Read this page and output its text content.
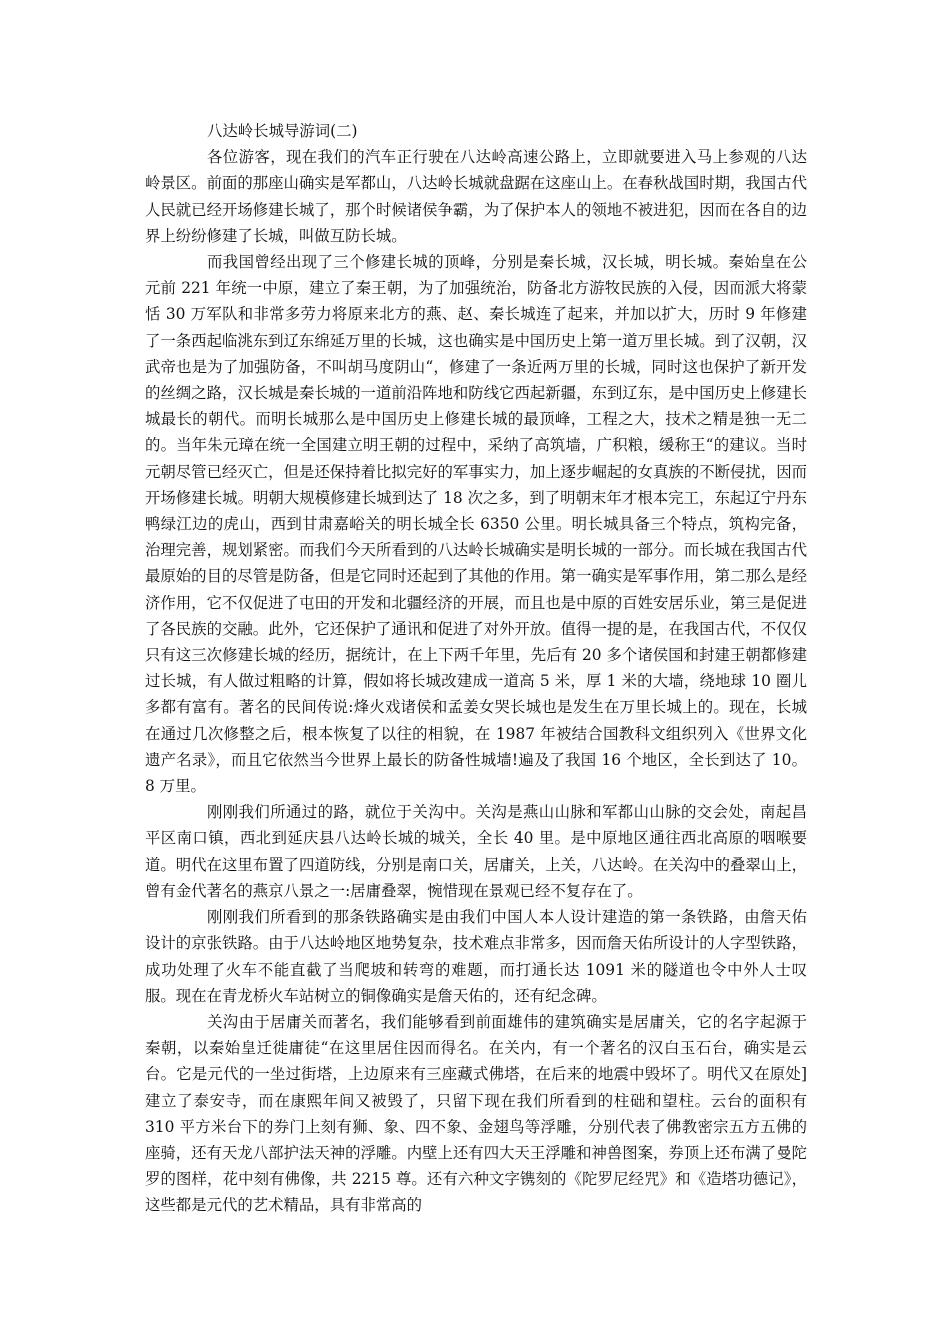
八达岭长城导游词(二)

各位游客，现在我们的汽车正行驶在八达岭高速公路上，立即就要进入马上参观的八达岭景区。前面的那座山确实是军都山，八达岭长城就盘踞在这座山上。在春秋战国时期，我国古代人民就已经开场修建长城了，那个时候诸侯争霸，为了保护本人的领地不被进犯，因而在各自的边界上纷纷修建了长城，叫做互防长城。

而我国曾经出现了三个修建长城的顶峰，分别是秦长城，汉长城，明长城。秦始皇在公元前 221 年统一中原，建立了秦王朝，为了加强统治，防备北方游牧民族的入侵，因而派大将蒙恬 30 万军队和非常多劳力将原来北方的燕、赵、秦长城连了起来，并加以扩大，历时 9 年修建了一条西起临洮东到辽东绵延万里的长城，这也确实是中国历史上第一道万里长城。到了汉朝，汉武帝也是为了加强防备，不叫胡马度阴山“，修建了一条近两万里的长城，同时这也保护了新开发的丝绸之路，汉长城是秦长城的一道前沿阵地和防线它西起新疆，东到辽东，是中国历史上修建长城最长的朝代。而明长城那么是中国历史上修建长城的最顶峰，工程之大，技术之精是独一无二的。当年朱元璋在统一全国建立明王朝的过程中，采纳了高筑墙，广积粮，缓称王“的建议。当时元朝尽管已经灭亡，但是还保持着比拟完好的军事实力，加上逐步崛起的女真族的不断侵扰，因而开场修建长城。明朝大规模修建长城到达了 18 次之多，到了明朝末年才根本完工，东起辽宁丹东鸭绿江边的虎山，西到甘肃嘉峪关的明长城全长 6350 公里。明长城具备三个特点，筑构完备，治理完善，规划紧密。而我们今天所看到的八达岭长城确实是明长城的一部分。而长城在我国古代最原始的目的尽管是防备，但是它同时还起到了其他的作用。第一确实是军事作用，第二那么是经济作用，它不仅促进了屯田的开发和北疆经济的开展，而且也是中原的百姓安居乐业，第三是促进了各民族的交融。此外，它还保护了通讯和促进了对外开放。值得一提的是，在我国古代，不仅仅只有这三次修建长城的经历，据统计，在上下两千年里，先后有 20 多个诸侯国和封建王朝都修建过长城，有人做过粗略的计算，假如将长城改建成一道高 5 米，厚 1 米的大墙，绕地球 10 圈儿多都有富有。著名的民间传说:烽火戏诸侯和孟姜女哭长城也是发生在万里长城上的。现在，长城在通过几次修整之后，根本恢复了以往的相貌，在 1987 年被结合国教科文组织列入《世界文化遗产名录》，而且它依然当今世界上最长的防备性城墙!遍及了我国 16 个地区，全长到达了 10。8 万里。

刚刚我们所通过的路，就位于关沟中。关沟是燕山山脉和军都山山脉的交会处，南起昌平区南口镇，西北到延庆县八达岭长城的城关，全长 40 里。是中原地区通往西北高原的咽喉要道。明代在这里布置了四道防线，分别是南口关，居庸关，上关，八达岭。在关沟中的叠翠山上，曾有金代著名的燕京八景之一:居庸叠翠，惋惜现在景观已经不复存在了。

刚刚我们所看到的那条铁路确实是由我们中国人本人设计建造的第一条铁路，由詹天佑设计的京张铁路。由于八达岭地区地势复杂，技术难点非常多，因而詹天佑所设计的人字型铁路，成功处理了火车不能直截了当爬坡和转弯的难题，而打通长达 1091 米的隧道也令中外人士叹服。现在在青龙桥火车站树立的铜像确实是詹天佑的，还有纪念碑。

关沟由于居庸关而著名，我们能够看到前面雄伟的建筑确实是居庸关，它的名字起源于秦朝，以秦始皇迁徙庸徒“在这里居住因而得名。在关内，有一个著名的汉白玉石台，确实是云台。它是元代的一坐过街塔，上边原来有三座藏式佛塔，在后来的地震中毁坏了。明代又在原处]建立了泰安寺，而在康熙年间又被毁了，只留下现在我们所看到的柱础和望柱。云台的面积有 310 平方米台下的券门上刻有狮、象、四不象、金翅鸟等浮雕，分别代表了佛教密宗五方五佛的座骑，还有天龙八部护法天神的浮雕。内壁上还有四大天王浮雕和神兽图案，券顶上还布满了曼陀罗的图样，花中刻有佛像，共 2215 尊。还有六种文字镌刻的《陀罗尼经咒》和《造塔功德记》，这些都是元代的艺术精品，具有非常高的
